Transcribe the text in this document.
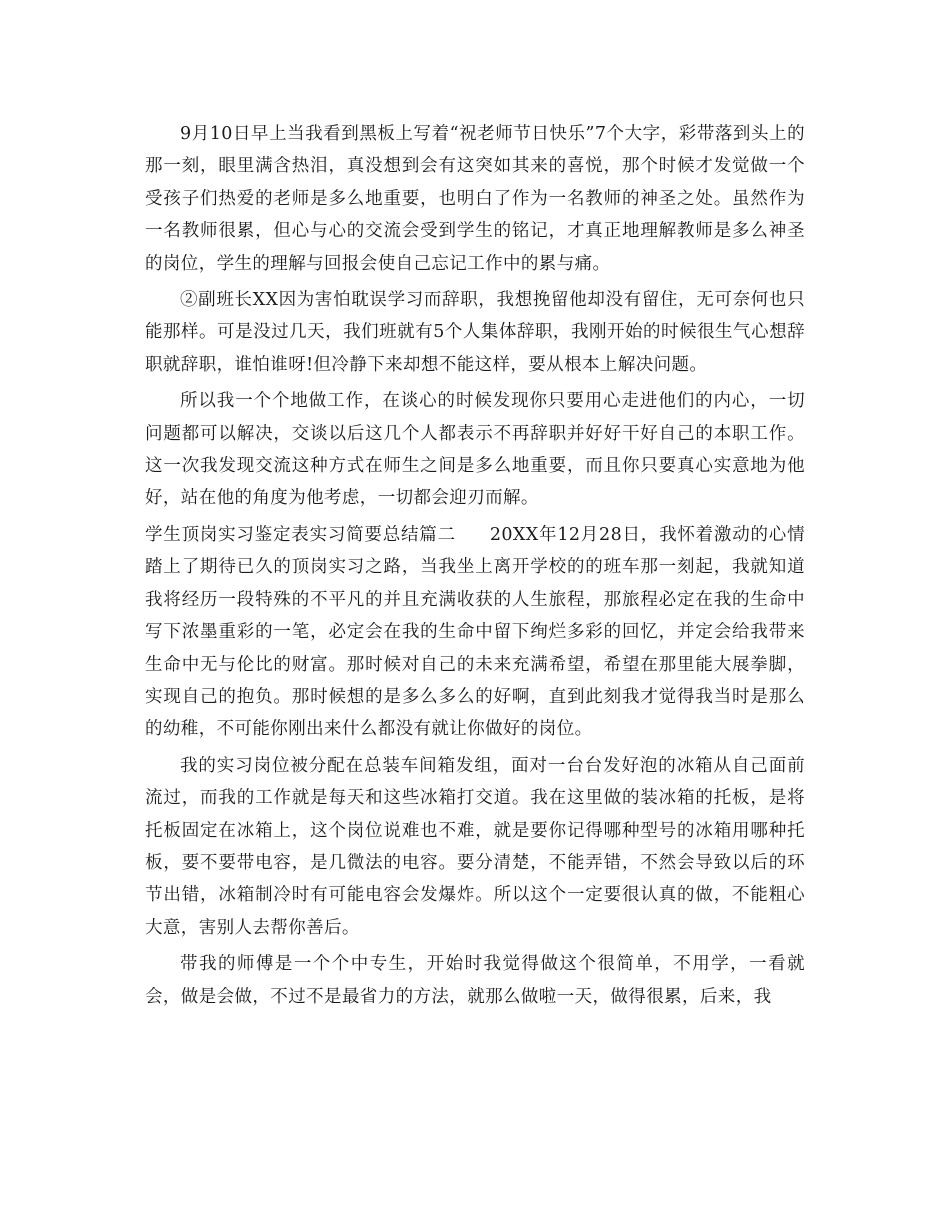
9月10日早上当我看到黑板上写着“祝老师节日快乐”7个大字，彩带落到头上的那一刻，眼里满含热泪，真没想到会有这突如其来的喜悦，那个时候才发觉做一个受孩子们热爱的老师是多么地重要，也明白了作为一名教师的神圣之处。虽然作为一名教师很累，但心与心的交流会受到学生的铭记，才真正地理解教师是多么神圣的岗位，学生的理解与回报会使自己忘记工作中的累与痛。

②副班长XX因为害怕耽误学习而辞职，我想挽留他却没有留住，无可奈何也只能那样。可是没过几天，我们班就有5个人集体辞职，我刚开始的时候很生气心想辞职就辞职，谁怕谁呀!但冷静下来却想不能这样，要从根本上解决问题。

所以我一个个地做工作，在谈心的时候发现你只要用心走进他们的内心，一切问题都可以解决，交谈以后这几个人都表示不再辞职并好好干好自己的本职工作。这一次我发现交流这种方式在师生之间是多么地重要，而且你只要真心实意地为他好，站在他的角度为他考虑，一切都会迎刃而解。

学生顶岗实习鉴定表实习简要总结篇二 20XX年12月28日，我怀着激动的心情踏上了期待已久的顶岗实习之路，当我坐上离开学校的的班车那一刻起，我就知道我将经历一段特殊的不平凡的并且充满收获的人生旅程，那旅程必定在我的生命中写下浓墨重彩的一笔，必定会在我的生命中留下绚烂多彩的回忆，并定会给我带来生命中无与伦比的财富。那时候对自己的未来充满希望，希望在那里能大展拳脚，实现自己的抱负。那时候想的是多么多么的好啊，直到此刻我才觉得我当时是那么的幼稚，不可能你刚出来什么都没有就让你做好的岗位。

我的实习岗位被分配在总装车间箱发组，面对一台台发好泡的冰箱从自己面前流过，而我的工作就是每天和这些冰箱打交道。我在这里做的装冰箱的托板，是将托板固定在冰箱上，这个岗位说难也不难，就是要你记得哪种型号的冰箱用哪种托板，要不要带电容，是几微法的电容。要分清楚，不能弄错，不然会导致以后的环节出错，冰箱制冷时有可能电容会发爆炸。所以这个一定要很认真的做，不能粗心大意，害别人去帮你善后。

带我的师傅是一个个中专生，开始时我觉得做这个很简单，不用学，一看就会，做是会做，不过不是最省力的方法，就那么做啦一天，做得很累，后来，我
